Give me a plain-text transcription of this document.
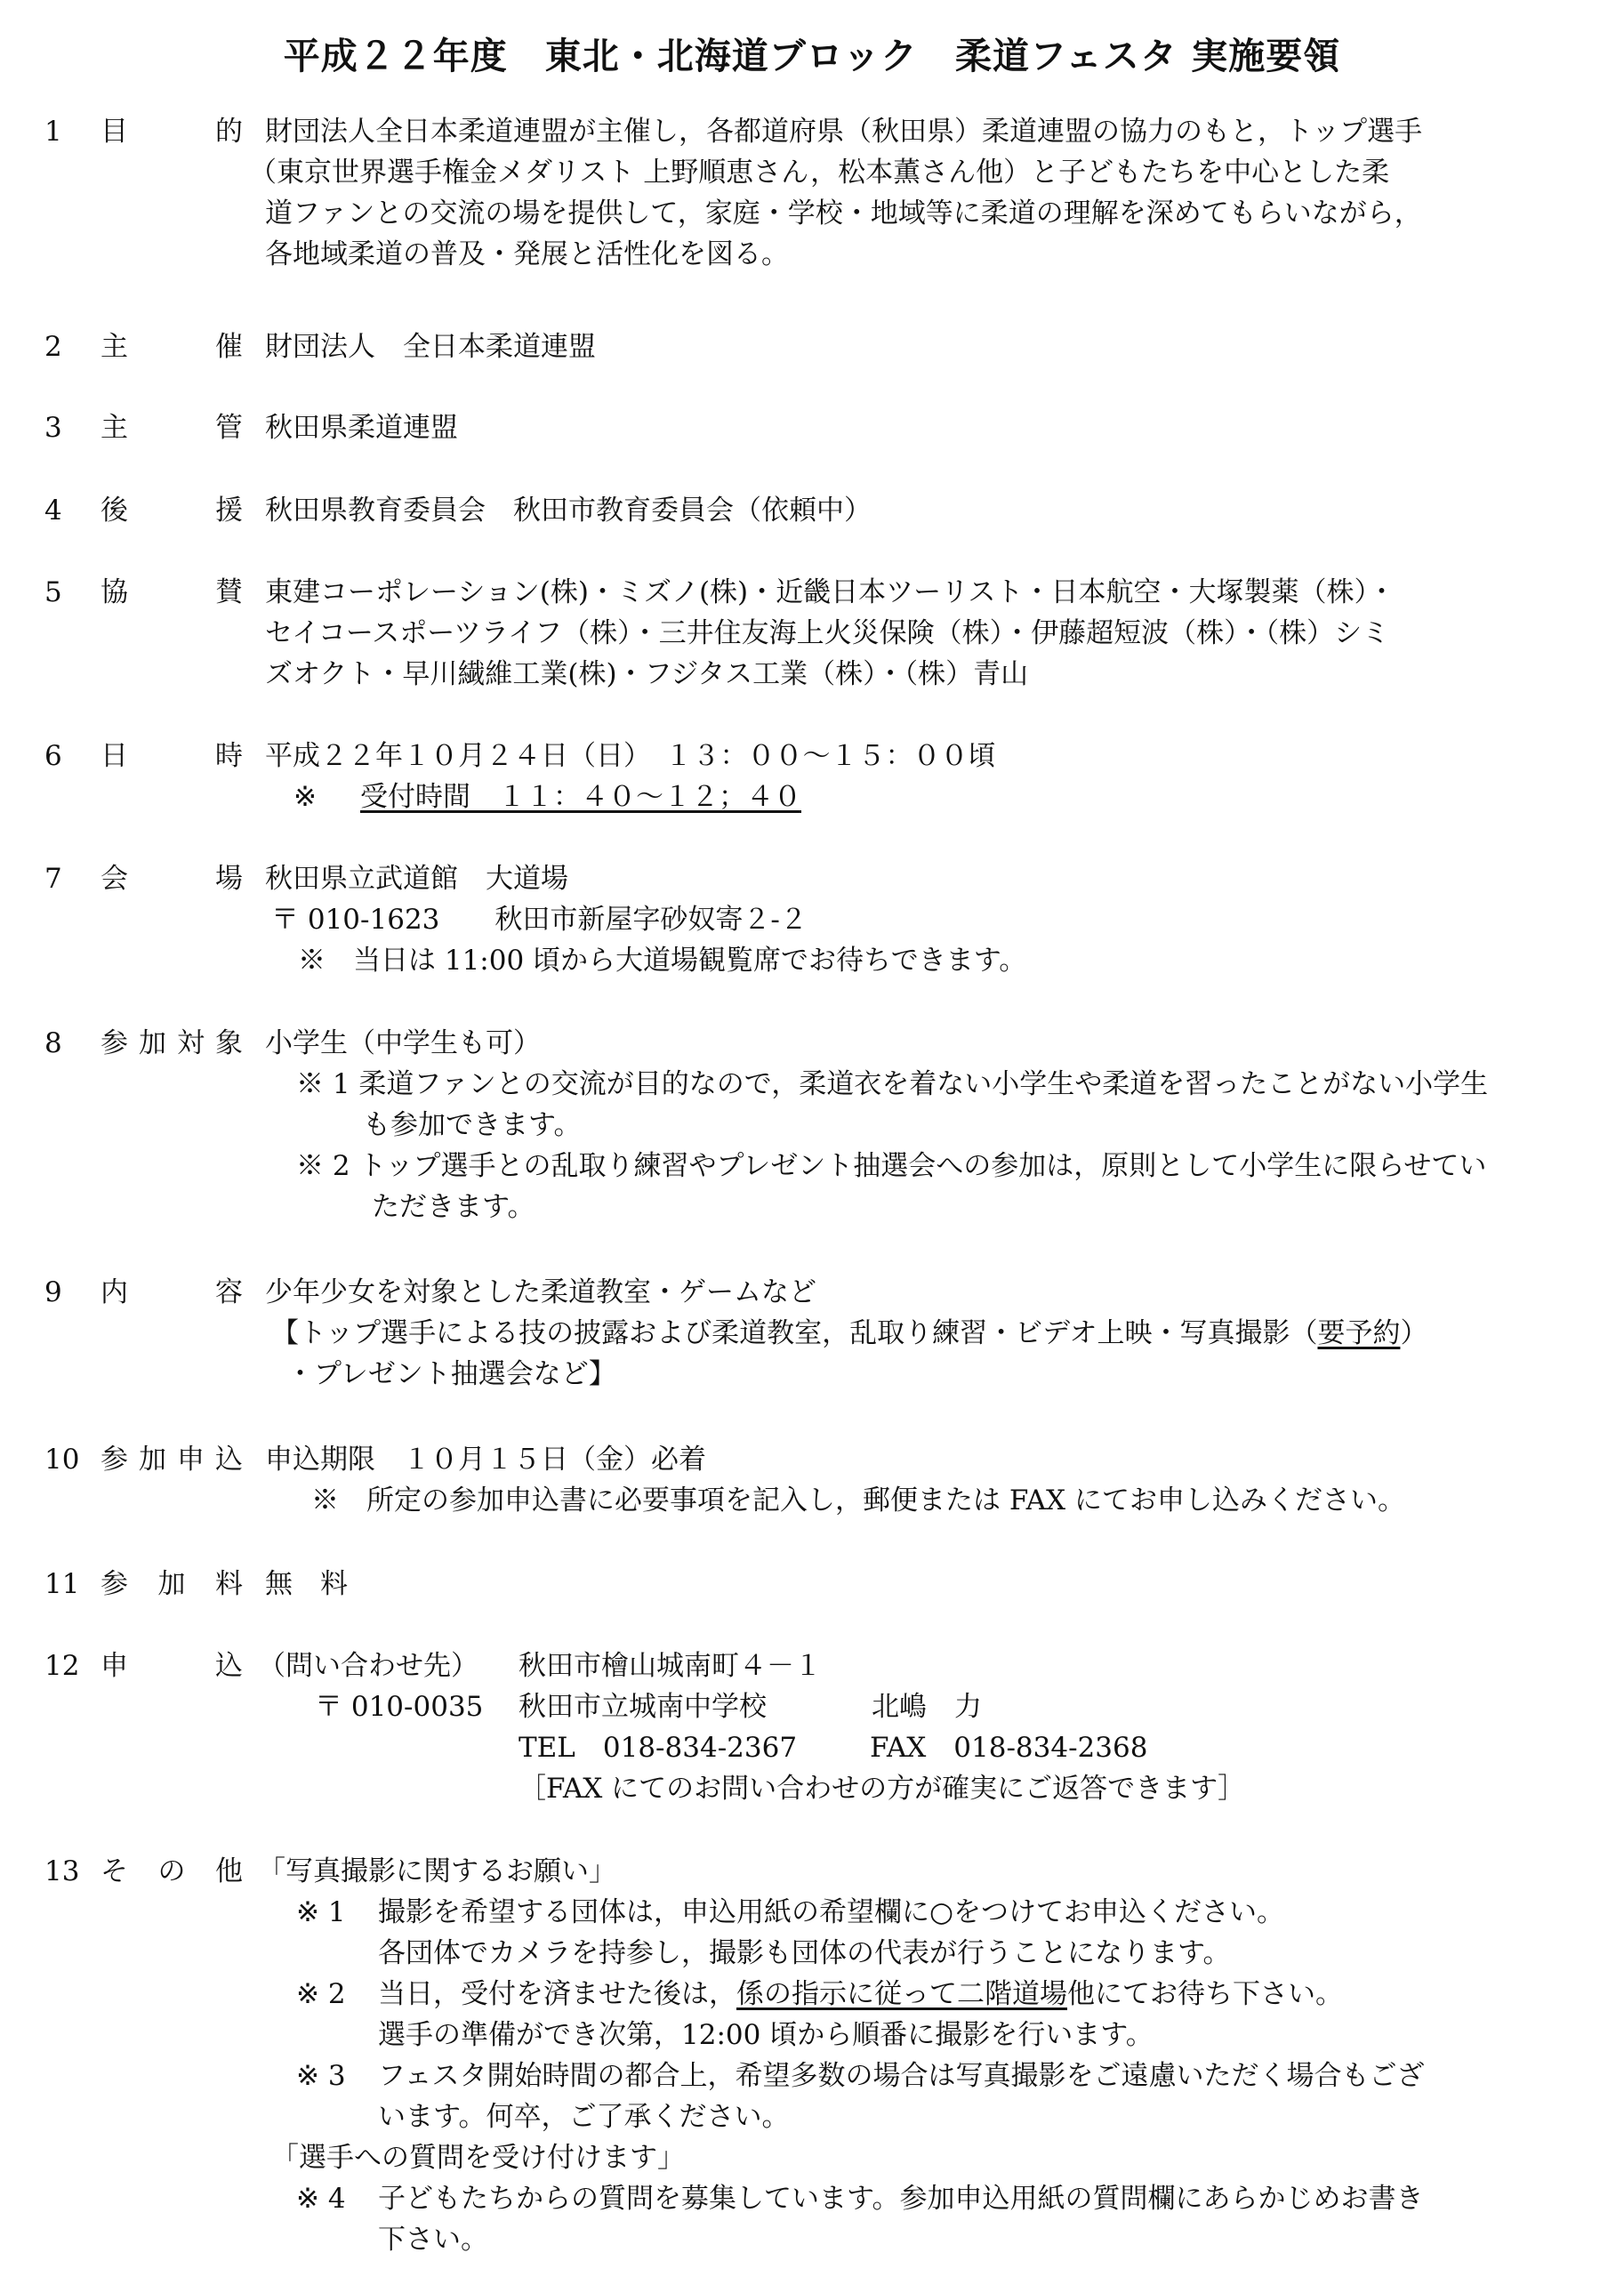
平成２２年度　東北・北海道ブロック　柔道フェスタ 実施要領
1	目	的 財団法人全日本柔道連盟が主催し，各都道府県（秋田県）柔道連盟の協力のもと，トップ選手
（東京世界選手権金メダリスト 上野順恵さん，松本薫さん他）と子どもたちを中心とした柔
道ファンとの交流の場を提供して，家庭・学校・地域等に柔道の理解を深めてもらいながら，
各地域柔道の普及・発展と活性化を図る。
2	主	催 財団法人　全日本柔道連盟
3	主	管 秋田県柔道連盟
4	後	援 秋田県教育委員会　秋田市教育委員会（依頼中）
5	協	賛 東建コーポレーション(株)・ミズノ(株)・近畿日本ツーリスト・日本航空・大塚製薬（株）・
セイコースポーツライフ（株）・三井住友海上火災保険（株）・伊藤超短波（株）・（株）シミ
ズオクト・早川繊維工業(株)・フジタス工業（株）・（株）青山
6	日	時 平成２２年１０月２４日（日）　１３：００〜１５：００頃
※ 受付時間　１１：４０〜１２；４０
7	会	場 秋田県立武道館　大道場
〒 010-1623　　秋田市新屋字砂奴寄２-２
※　当日は 11:00 頃から大道場観覧席でお待ちできます。
8	参 加 対 象 小学生（中学生も可）
※ 1 柔道ファンとの交流が目的なので，柔道衣を着ない小学生や柔道を習ったことがない小学生
も参加できます。
※ 2 トップ選手との乱取り練習やプレゼント抽選会への参加は，原則として小学生に限らせてい
ただきます。
9	内	容 少年少女を対象とした柔道教室・ゲームなど
【トップ選手による技の披露および柔道教室，乱取り練習・ビデオ上映・写真撮影（要予約）
・プレゼント抽選会など】
10 参 加 申 込 申込期限　１０月１５日（金）必着
※　所定の参加申込書に必要事項を記入し，郵便または FAX にてお申し込みください。
11 参 加 料 無　料
12 申	込 （問い合わせ先） 秋田市檜山城南町４－１
〒 010-0035 秋田市立城南中学校	北嶋　力
TEL　018-834-2367	FAX　018-834-2368
［FAX にてのお問い合わせの方が確実にご返答できます］
13 そ の 他 「写真撮影に関するお願い」
※ 1 撮影を希望する団体は，申込用紙の希望欄に○をつけてお申込ください。
各団体でカメラを持参し，撮影も団体の代表が行うことになります。
※ 2 当日，受付を済ませた後は，係の指示に従って二階道場他にてお待ち下さい。
選手の準備ができ次第，12:00 頃から順番に撮影を行います。
※ 3 フェスタ開始時間の都合上，希望多数の場合は写真撮影をご遠慮いただく場合もござ
います。何卒，ご了承ください。
「選手への質問を受け付けます」
※ 4 子どもたちからの質問を募集しています。参加申込用紙の質問欄にあらかじめお書き
下さい。
